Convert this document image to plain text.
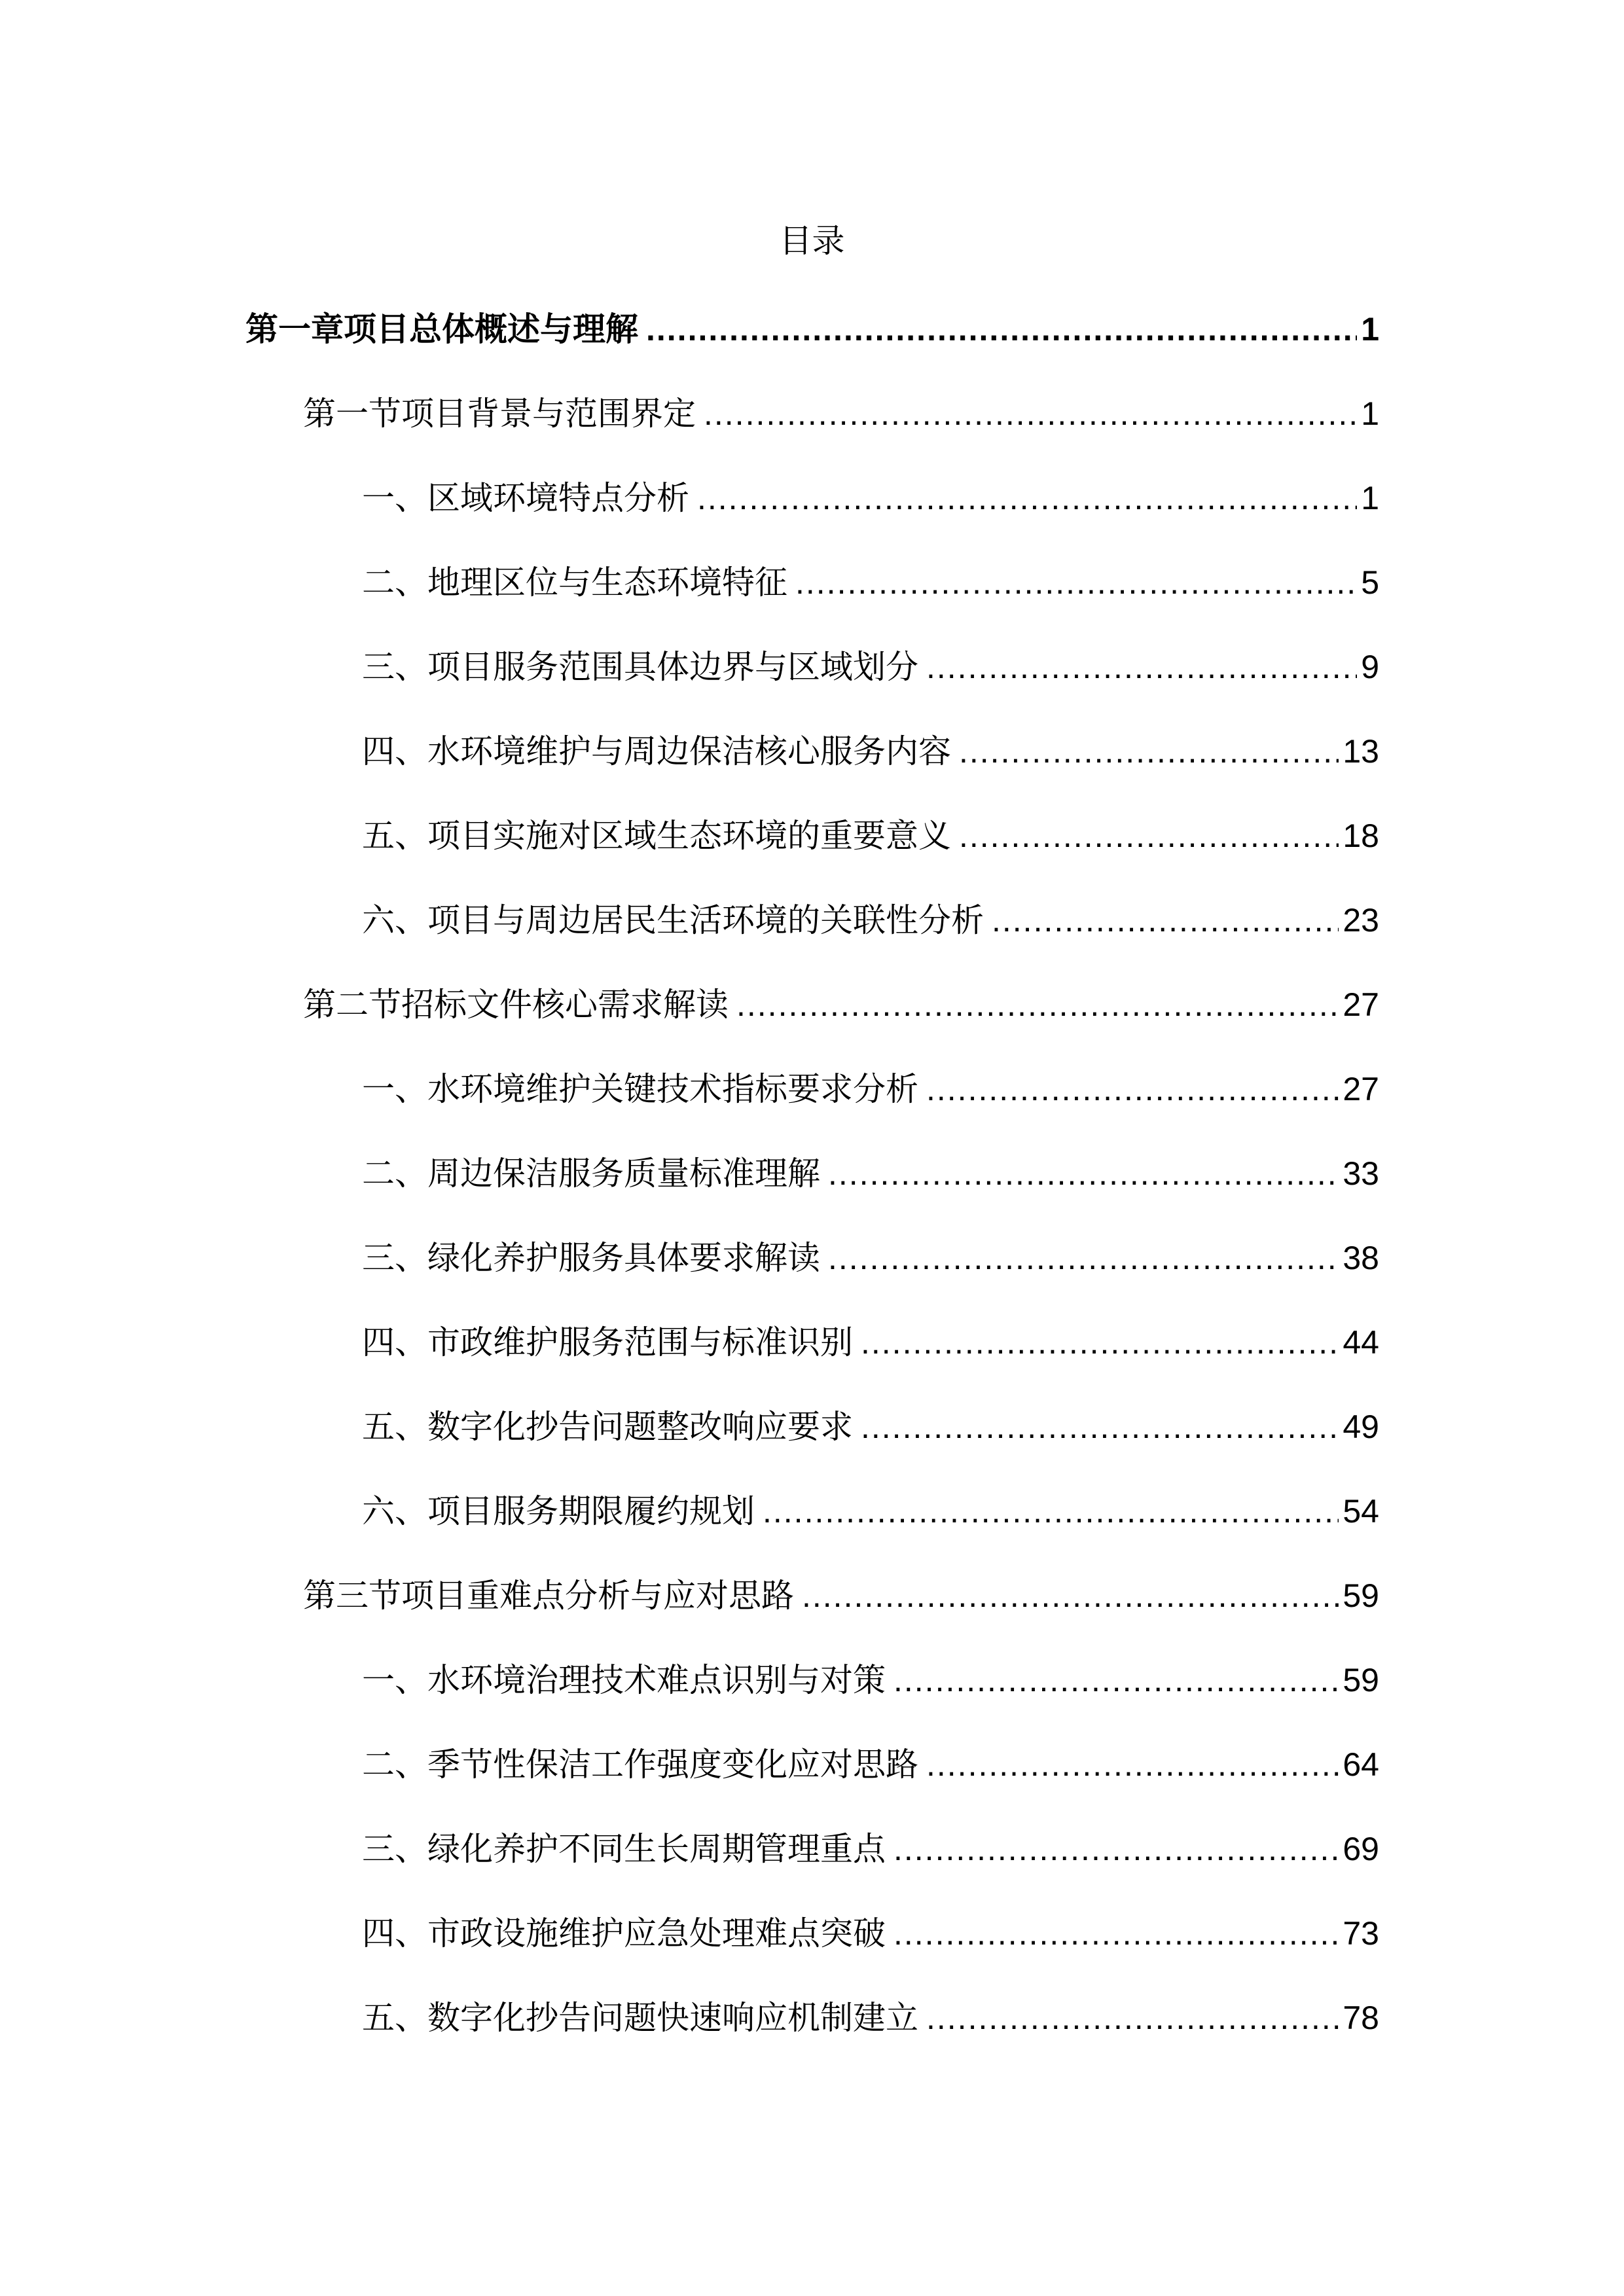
目录
第一章项目总体概述与理解 .....	1
第一节项目背景与范围界定 .....	1
一、区域环境特点分析 .....	1
二、地理区位与生态环境特征 .....	5
三、项目服务范围具体边界与区域划分 .....	9
四、水环境维护与周边保洁核心服务内容 .....	13
五、项目实施对区域生态环境的重要意义 .....	18
六、项目与周边居民生活环境的关联性分析 .....	23
第二节招标文件核心需求解读 .....	27
一、水环境维护关键技术指标要求分析 .....	27
二、周边保洁服务质量标准理解 .....	33
三、绿化养护服务具体要求解读 .....	38
四、市政维护服务范围与标准识别 .....	44
五、数字化抄告问题整改响应要求 .....	49
六、项目服务期限履约规划 .....	54
第三节项目重难点分析与应对思路 .....	59
一、水环境治理技术难点识别与对策 .....	59
二、季节性保洁工作强度变化应对思路 .....	64
三、绿化养护不同生长周期管理重点 .....	69
四、市政设施维护应急处理难点突破 .....	73
五、数字化抄告问题快速响应机制建立 .....	78
